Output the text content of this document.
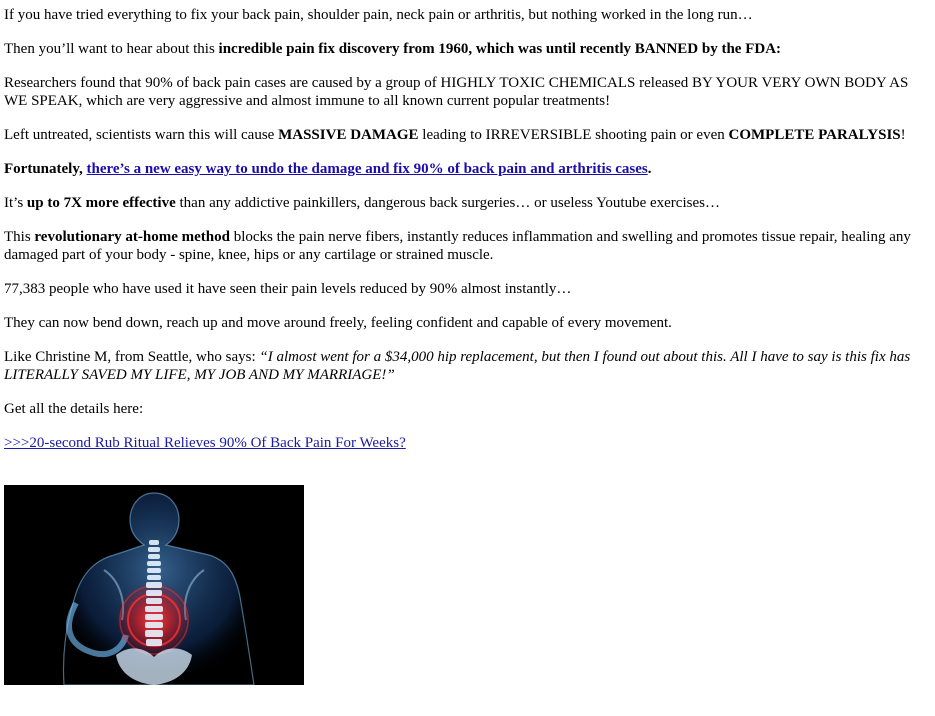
If you have tried everything to fix your back pain, shoulder pain, neck pain or arthritis, but nothing worked in the long run…

Then you’ll want to hear about this incredible pain fix discovery from 1960, which was until recently BANNED by the FDA:

Researchers found that 90% of back pain cases are caused by a group of HIGHLY TOXIC CHEMICALS released BY YOUR VERY OWN BODY AS WE SPEAK, which are very aggressive and almost immune to all known current popular treatments!

Left untreated, scientists warn this will cause MASSIVE DAMAGE leading to IRREVERSIBLE shooting pain or even COMPLETE PARALYSIS!

Fortunately, there’s a new easy way to undo the damage and fix 90% of back pain and arthritis cases.

It’s up to 7X more effective than any addictive painkillers, dangerous back surgeries… or useless Youtube exercises…

This revolutionary at-home method blocks the pain nerve fibers, instantly reduces inflammation and swelling and promotes tissue repair, healing any damaged part of your body - spine, knee, hips or any cartilage or strained muscle.

77,383 people who have used it have seen their pain levels reduced by 90% almost instantly…

They can now bend down, reach up and move around freely, feeling confident and capable of every movement.

Like Christine M, from Seattle, who says: “I almost went for a $34,000 hip replacement, but then I found out about this. All I have to say is this fix has LITERALLY SAVED MY LIFE, MY JOB AND MY MARRIAGE!”

Get all the details here:

>>>20-second Rub Ritual Relieves 90% Of Back Pain For Weeks?
